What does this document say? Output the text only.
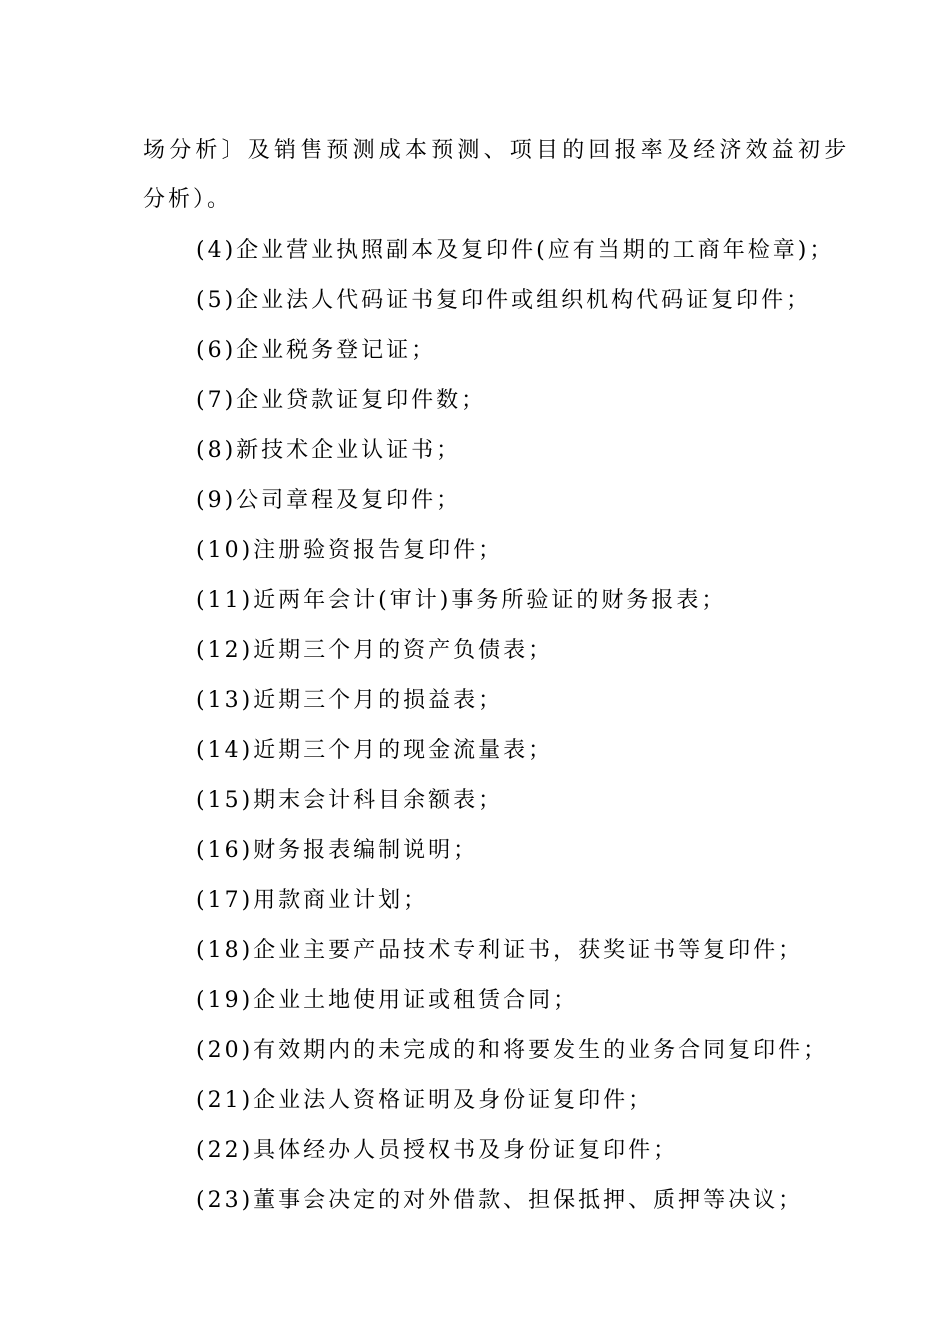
场分析〕及销售预测成本预测、项目的回报率及经济效益初步
分析）。
(4)企业营业执照副本及复印件(应有当期的工商年检章)；
(5)企业法人代码证书复印件或组织机构代码证复印件；
(6)企业税务登记证；
(7)企业贷款证复印件数；
(8)新技术企业认证书；
(9)公司章程及复印件；
(10)注册验资报告复印件；
(11)近两年会计(审计)事务所验证的财务报表；
(12)近期三个月的资产负债表；
(13)近期三个月的损益表；
(14)近期三个月的现金流量表；
(15)期末会计科目余额表；
(16)财务报表编制说明；
(17)用款商业计划；
(18)企业主要产品技术专利证书，获奖证书等复印件；
(19)企业土地使用证或租赁合同；
(20)有效期内的未完成的和将要发生的业务合同复印件；
(21)企业法人资格证明及身份证复印件；
(22)具体经办人员授权书及身份证复印件；
(23)董事会决定的对外借款、担保抵押、质押等决议；
